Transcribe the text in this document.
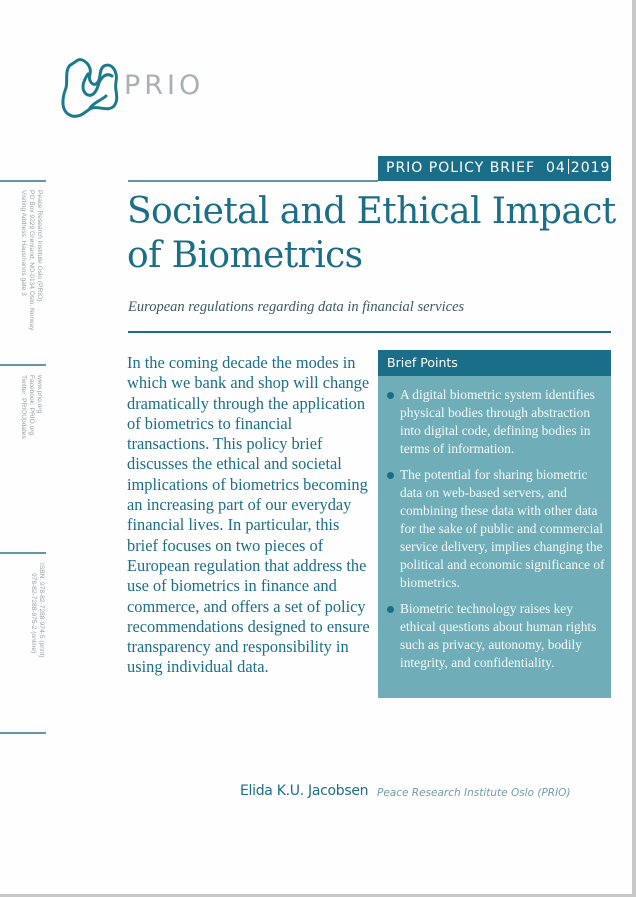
PRIO
Peace Research Institute Oslo (PRIO)
PO Box 9229 Grønland, NO-0134 Oslo, Norway
Visiting Address: Hausmanns gate 3
www.prio.org
Facebook: PRIO.org
Twitter: PRIOUpdates
ISBN: 978-82-7288-974-5 (print)
978-82-7288-975-2 (online)
PRIO POLICY BRIEF 04 2019
Societal and Ethical Impact of Biometrics
European regulations regarding data in financial services

In the coming decade the modes in which we bank and shop will change dramatically through the application of biometrics to financial transactions. This policy brief discusses the ethical and societal implications of biometrics becoming an increasing part of our everyday financial lives. In particular, this brief focuses on two pieces of European regulation that address the use of biometrics in finance and commerce, and offers a set of policy recommendations designed to ensure transparency and responsibility in using individual data.

Brief Points
A digital biometric system identifies physical bodies through abstraction into digital code, defining bodies in terms of information.
The potential for sharing biometric data on web-based servers, and combining these data with other data for the sake of public and commercial service delivery, implies changing the political and economic significance of biometrics.
Biometric technology raises key ethical questions about human rights such as privacy, autonomy, bodily integrity, and confidentiality.
Elida K.U. Jacobsen Peace Research Institute Oslo (PRIO)
